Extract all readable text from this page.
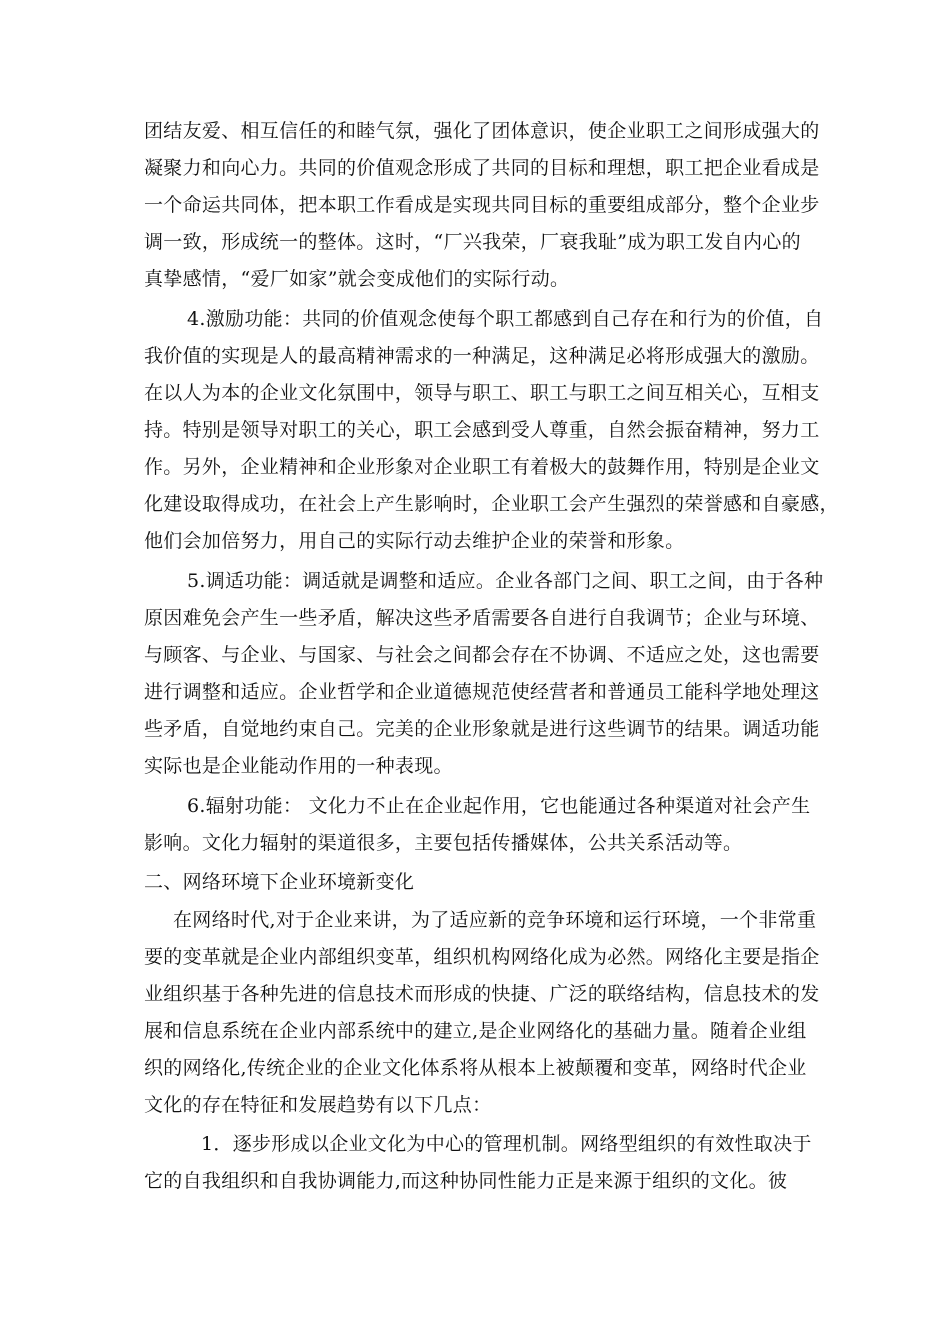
团结友爱、相互信任的和睦气氛，强化了团体意识，使企业职工之间形成强大的
凝聚力和向心力。共同的价值观念形成了共同的目标和理想，职工把企业看成是
一个命运共同体，把本职工作看成是实现共同目标的重要组成部分，整个企业步
调一致，形成统一的整体。这时，“厂兴我荣，厂衰我耻”成为职工发自内心的
真挚感情，“爱厂如家”就会变成他们的实际行动。
4.激励功能：共同的价值观念使每个职工都感到自己存在和行为的价值，自
我价值的实现是人的最高精神需求的一种满足，这种满足必将形成强大的激励。
在以人为本的企业文化氛围中，领导与职工、职工与职工之间互相关心，互相支
持。特别是领导对职工的关心，职工会感到受人尊重，自然会振奋精神，努力工
作。另外，企业精神和企业形象对企业职工有着极大的鼓舞作用，特别是企业文
化建设取得成功，在社会上产生影响时，企业职工会产生强烈的荣誉感和自豪感，
他们会加倍努力，用自己的实际行动去维护企业的荣誉和形象。
5.调适功能：调适就是调整和适应。企业各部门之间、职工之间，由于各种
原因难免会产生一些矛盾，解决这些矛盾需要各自进行自我调节；企业与环境、
与顾客、与企业、与国家、与社会之间都会存在不协调、不适应之处，这也需要
进行调整和适应。企业哲学和企业道德规范使经营者和普通员工能科学地处理这
些矛盾，自觉地约束自己。完美的企业形象就是进行这些调节的结果。调适功能
实际也是企业能动作用的一种表现。
6.辐射功能： 文化力不止在企业起作用，它也能通过各种渠道对社会产生
影响。文化力辐射的渠道很多，主要包括传播媒体，公共关系活动等。
二、网络环境下企业环境新变化
在网络时代,对于企业来讲，为了适应新的竞争环境和运行环境，一个非常重
要的变革就是企业内部组织变革，组织机构网络化成为必然。网络化主要是指企
业组织基于各种先进的信息技术而形成的快捷、广泛的联络结构，信息技术的发
展和信息系统在企业内部系统中的建立,是企业网络化的基础力量。随着企业组
织的网络化,传统企业的企业文化体系将从根本上被颠覆和变革，网络时代企业
文化的存在特征和发展趋势有以下几点：
1．逐步形成以企业文化为中心的管理机制。网络型组织的有效性取决于
它的自我组织和自我协调能力,而这种协同性能力正是来源于组织的文化。彼
